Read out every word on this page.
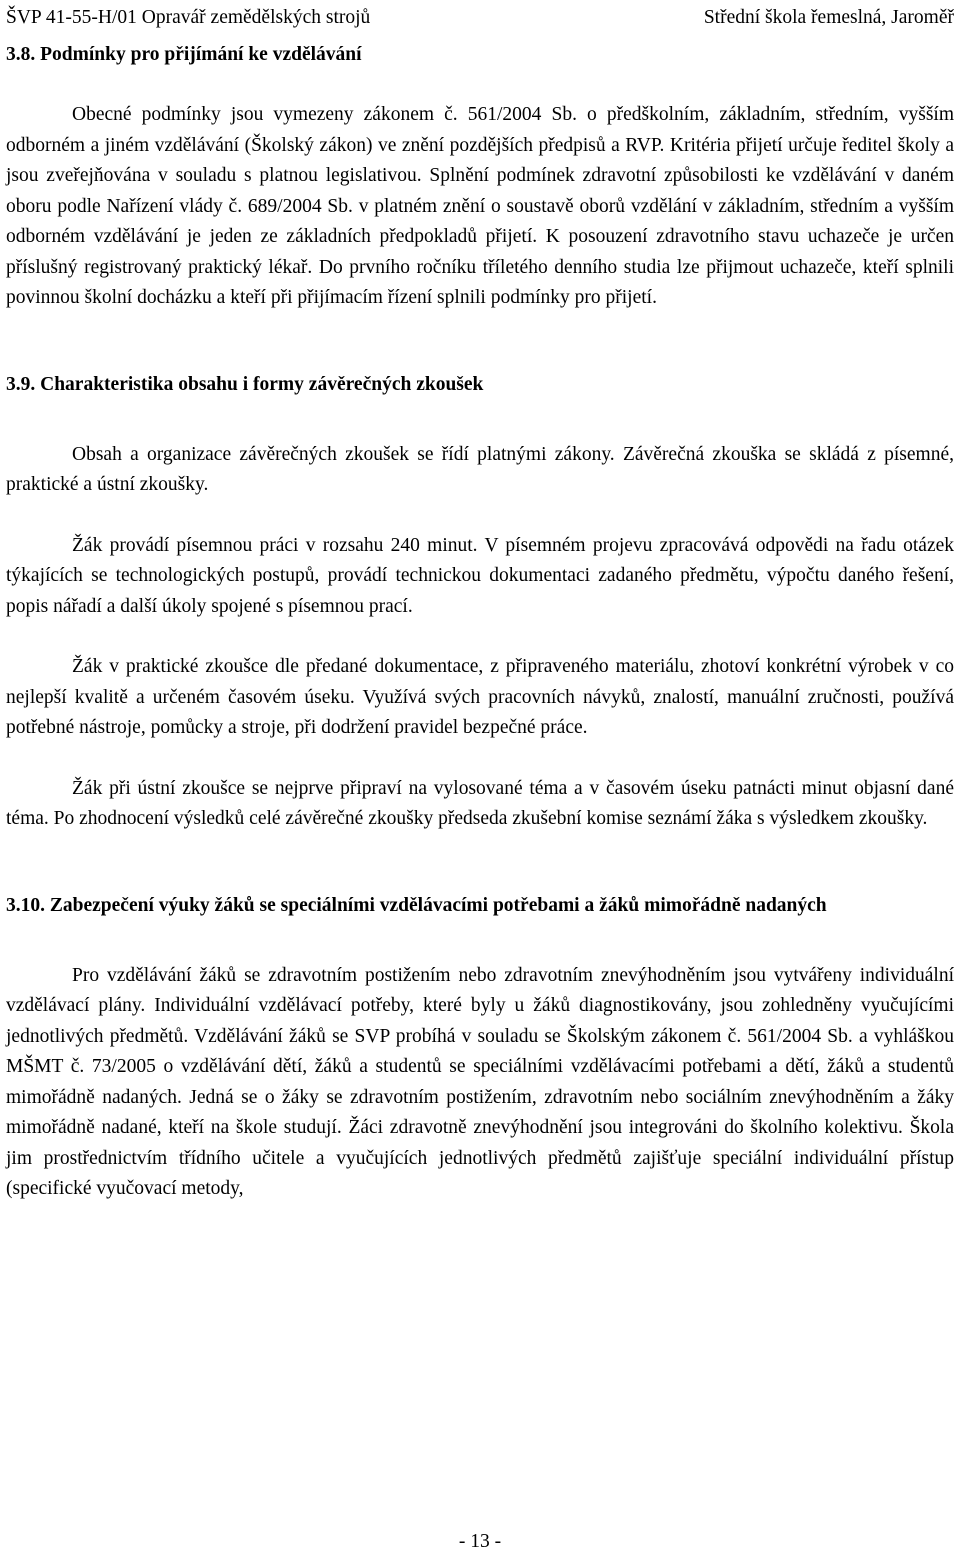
ŠVP 41-55-H/01 Opravář zemědělských strojů	Střední škola řemeslná, Jaroměř
3.8. Podmínky pro přijímání ke vzdělávání

Obecné podmínky jsou vymezeny zákonem č. 561/2004 Sb. o předškolním, základním, středním, vyšším odborném a jiném vzdělávání (Školský zákon) ve znění pozdějších předpisů a RVP. Kritéria přijetí určuje ředitel školy a jsou zveřejňována v souladu s platnou legislativou. Splnění podmínek zdravotní způsobilosti ke vzdělávání v daném oboru podle Nařízení vlády č. 689/2004 Sb. v platném znění o soustavě oborů vzdělání v základním, středním a vyšším odborném vzdělávání je jeden ze základních předpokladů přijetí. K posouzení zdravotního stavu uchazeče je určen příslušný registrovaný praktický lékař. Do prvního ročníku tříletého denního studia lze přijmout uchazeče, kteří splnili povinnou školní docházku a kteří při přijímacím řízení splnili podmínky pro přijetí.

3.9. Charakteristika obsahu i formy závěrečných zkoušek

Obsah a organizace závěrečných zkoušek se řídí platnými zákony. Závěrečná zkouška se skládá z písemné, praktické a ústní zkoušky.

Žák provádí písemnou práci v rozsahu 240 minut. V písemném projevu zpracovává odpovědi na řadu otázek týkajících se technologických postupů, provádí technickou dokumentaci zadaného předmětu, výpočtu daného řešení, popis nářadí a další úkoly spojené s písemnou prací.

Žák v praktické zkoušce dle předané dokumentace, z připraveného materiálu, zhotoví konkrétní výrobek v co nejlepší kvalitě a určeném časovém úseku. Využívá svých pracovních návyků, znalostí, manuální zručnosti, používá potřebné nástroje, pomůcky a stroje, při dodržení pravidel bezpečné práce.

Žák při ústní zkoušce se nejprve připraví na vylosované téma a v časovém úseku patnácti minut objasní dané téma. Po zhodnocení výsledků celé závěrečné zkoušky předseda zkušební komise seznámí žáka s výsledkem zkoušky.

3.10. Zabezpečení výuky žáků se speciálními vzdělávacími potřebami a žáků mimořádně nadaných

Pro vzdělávání žáků se zdravotním postižením nebo zdravotním znevýhodněním jsou vytvářeny individuální vzdělávací plány. Individuální vzdělávací potřeby, které byly u žáků diagnostikovány, jsou zohledněny vyučujícími jednotlivých předmětů. Vzdělávání žáků se SVP probíhá v souladu se Školským zákonem č. 561/2004 Sb. a vyhláškou MŠMT č. 73/2005 o vzdělávání dětí, žáků a studentů se speciálními vzdělávacími potřebami a dětí, žáků a studentů mimořádně nadaných. Jedná se o žáky se zdravotním postižením, zdravotním nebo sociálním znevýhodněním a žáky mimořádně nadané, kteří na škole studují. Žáci zdravotně znevýhodnění jsou integrováni do školního kolektivu. Škola jim prostřednictvím třídního učitele a vyučujících jednotlivých předmětů zajišťuje speciální individuální přístup (specifické vyučovací metody,

- 13 -
